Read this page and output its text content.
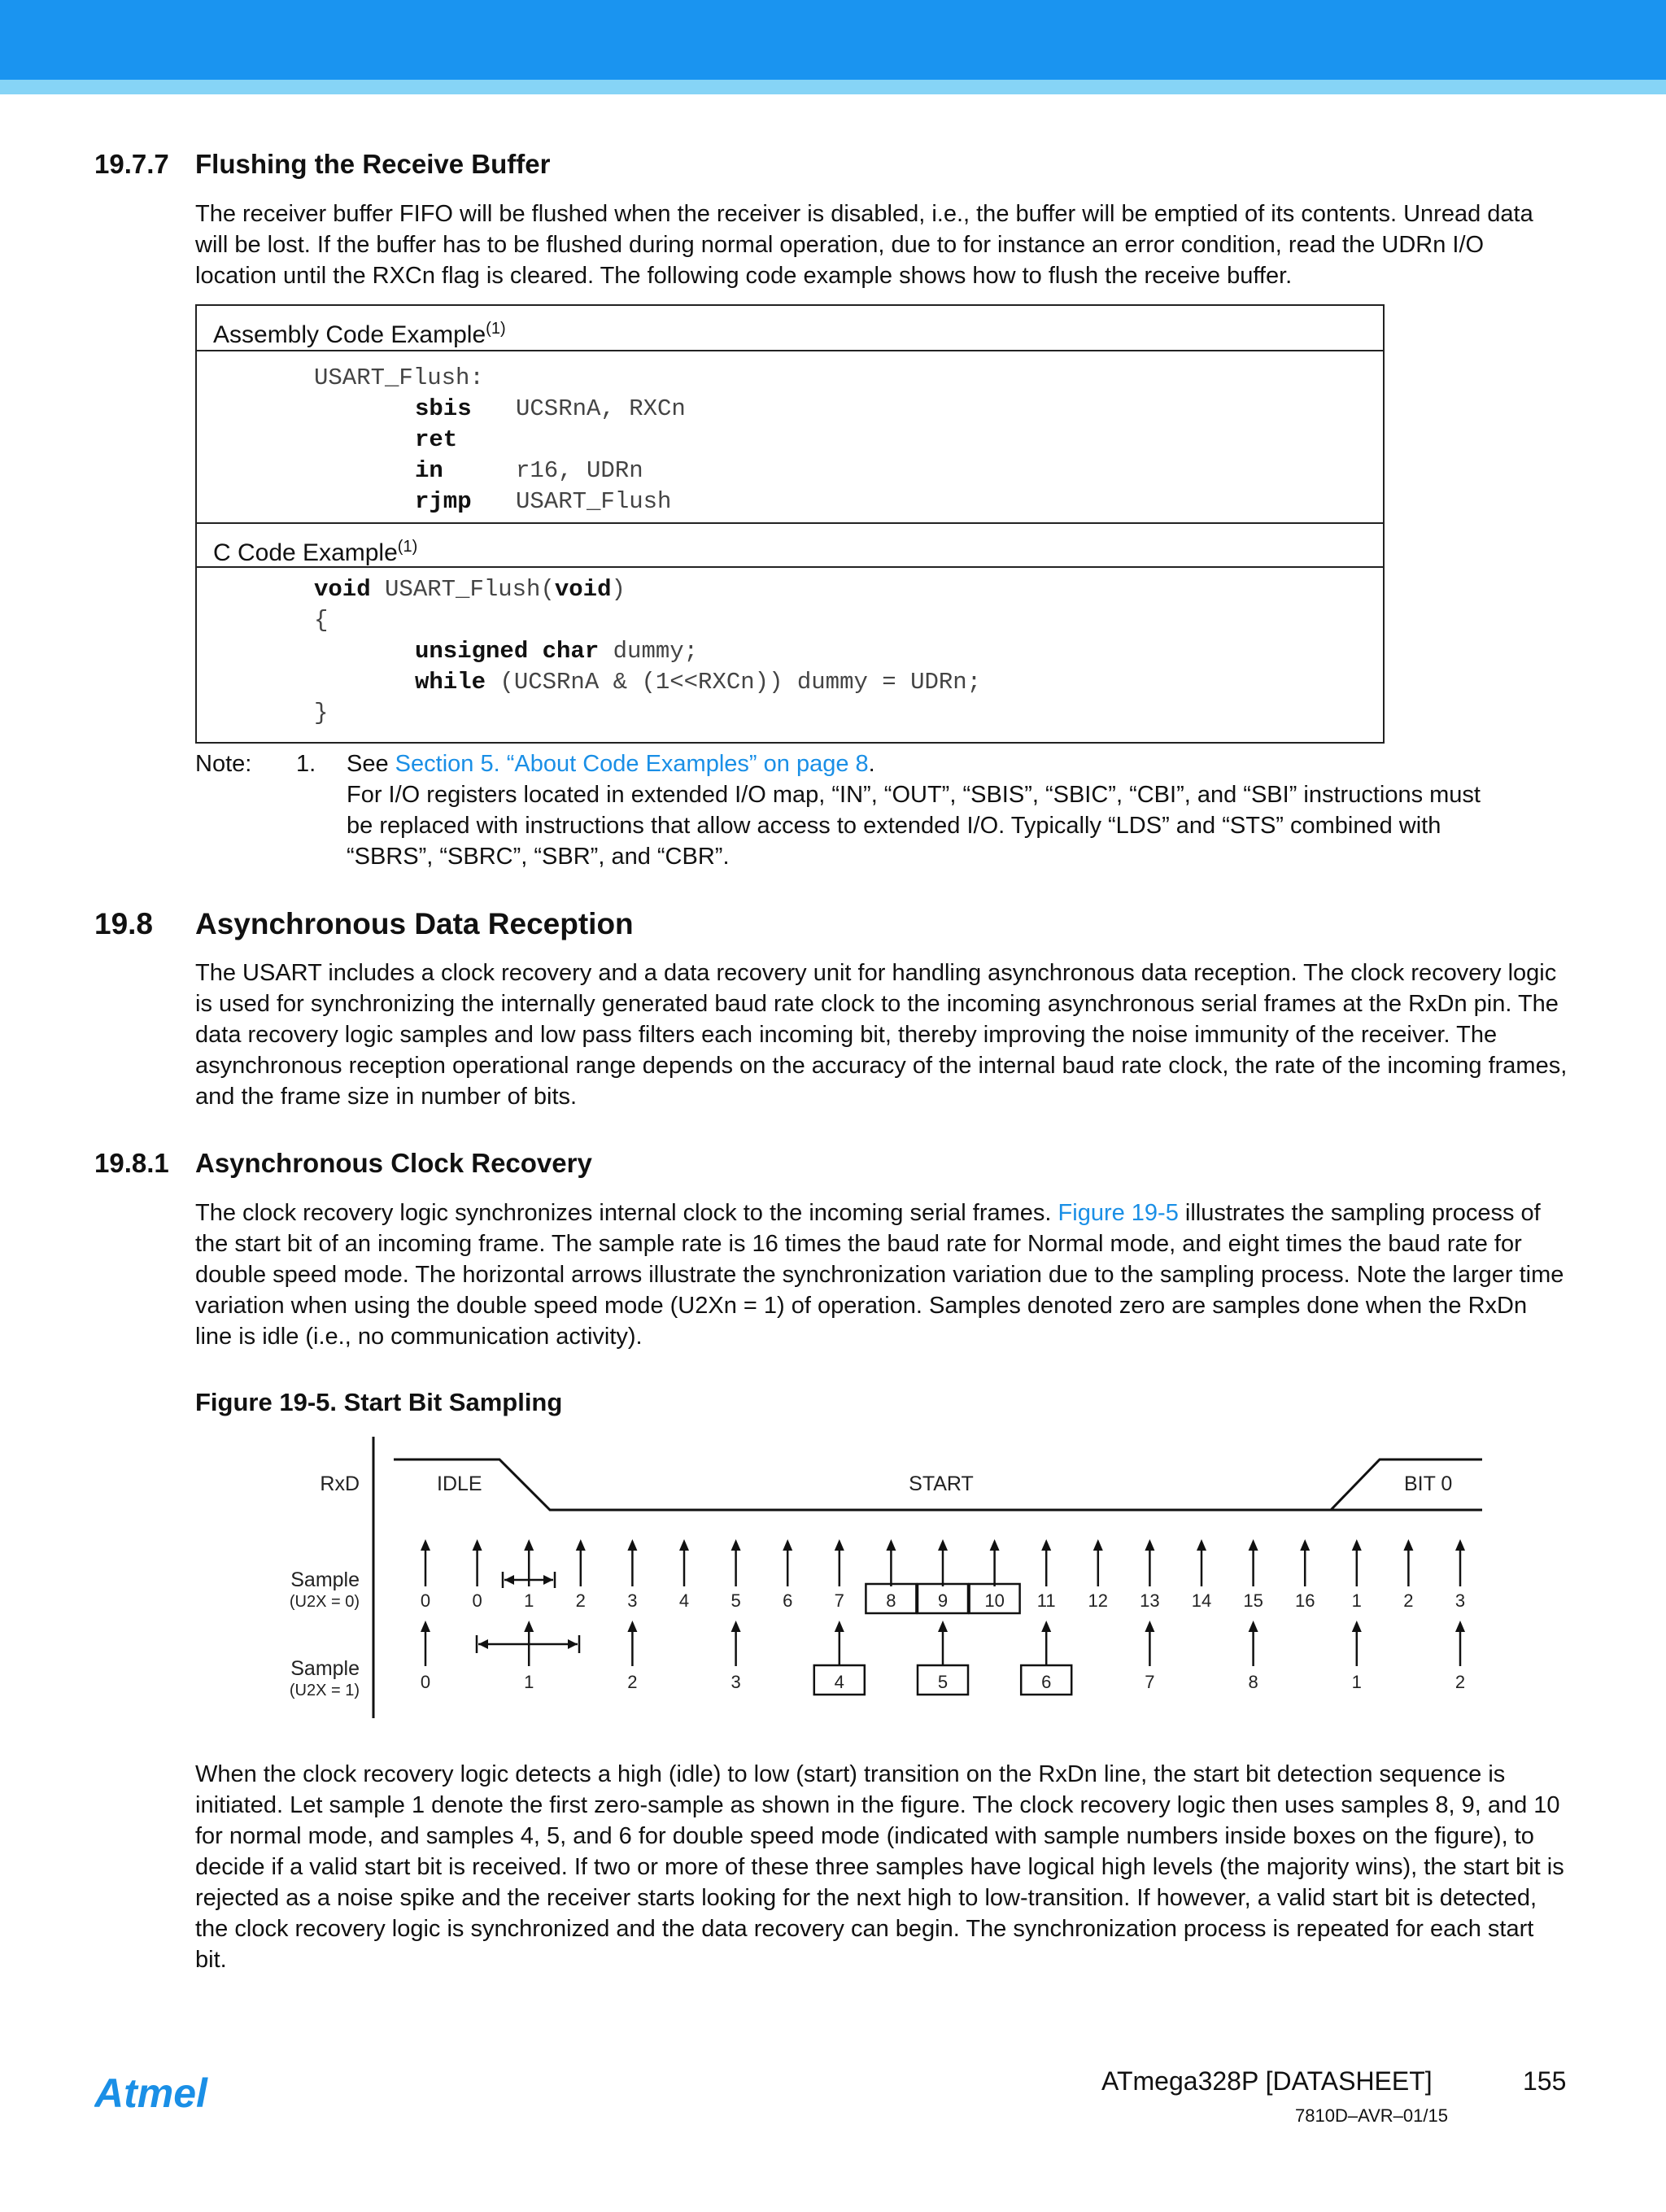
19.7.7 Flushing the Receive Buffer

The receiver buffer FIFO will be flushed when the receiver is disabled, i.e., the buffer will be emptied of its contents. Unread data will be lost. If the buffer has to be flushed during normal operation, due to for instance an error condition, read the UDRn I/O location until the RXCn flag is cleared. The following code example shows how to flush the receive buffer.

Assembly Code Example$^{(1)}$
USART_Flush:
sbis UCSRnA, RXCn
ret
in	r16, UDRn
rjmp USART_Flush
C Code Example$^{(1)}$
void USART_Flush(void)
{
unsigned char dummy;
while (UCSRnA & (1<<RXCn)) dummy = UDRn;
}
Note: 1. See Section 5. “About Code Examples” on page 8.
For I/O registers located in extended I/O map, “IN”, “OUT”, “SBIS”, “SBIC”, “CBI”, and “SBI” instructions must
be replaced with instructions that allow access to extended I/O. Typically “LDS” and “STS” combined with
“SBRS”, “SBRC”, “SBR”, and “CBR”.
19.8 Asynchronous Data Reception

The USART includes a clock recovery and a data recovery unit for handling asynchronous data reception. The clock recovery logic is used for synchronizing the internally generated baud rate clock to the incoming asynchronous serial frames at the RxDn pin. The data recovery logic samples and low pass filters each incoming bit, thereby improving the noise immunity of the receiver. The asynchronous reception operational range depends on the accuracy of the internal baud rate clock, the rate of the incoming frames, and the frame size in number of bits.

19.8.1 Asynchronous Clock Recovery

The clock recovery logic synchronizes internal clock to the incoming serial frames. Figure 19-5 illustrates the sampling process of the start bit of an incoming frame. The sample rate is 16 times the baud rate for Normal mode, and eight times the baud rate for double speed mode. The horizontal arrows illustrate the synchronization variation due to the sampling process. Note the larger time variation when using the double speed mode (U2Xn = 1) of operation. Samples denoted zero are samples done when the RxDn line is idle (i.e., no communication activity).

Figure 19-5. Start Bit Sampling
RxD	IDLE	START	BIT 0
Sample
(U2X = 0)
Sample
(U2X = 1)
0 0 1 2 3 4 5 6 7 8 9 10 11 12 13 14 15 16 1 2 3
0	1	2	3	4	5	6	7	8	1	2

When the clock recovery logic detects a high (idle) to low (start) transition on the RxDn line, the start bit detection sequence is initiated. Let sample 1 denote the first zero-sample as shown in the figure. The clock recovery logic then uses samples 8, 9, and 10 for normal mode, and samples 4, 5, and 6 for double speed mode (indicated with sample numbers inside boxes on the figure), to decide if a valid start bit is received. If two or more of these three samples have logical high levels (the majority wins), the start bit is rejected as a noise spike and the receiver starts looking for the next high to low-transition. If however, a valid start bit is detected, the clock recovery logic is synchronized and the data recovery can begin. The synchronization process is repeated for each start bit.

Atmel	ATmega328P [DATASHEET]	155
7810D–AVR–01/15
